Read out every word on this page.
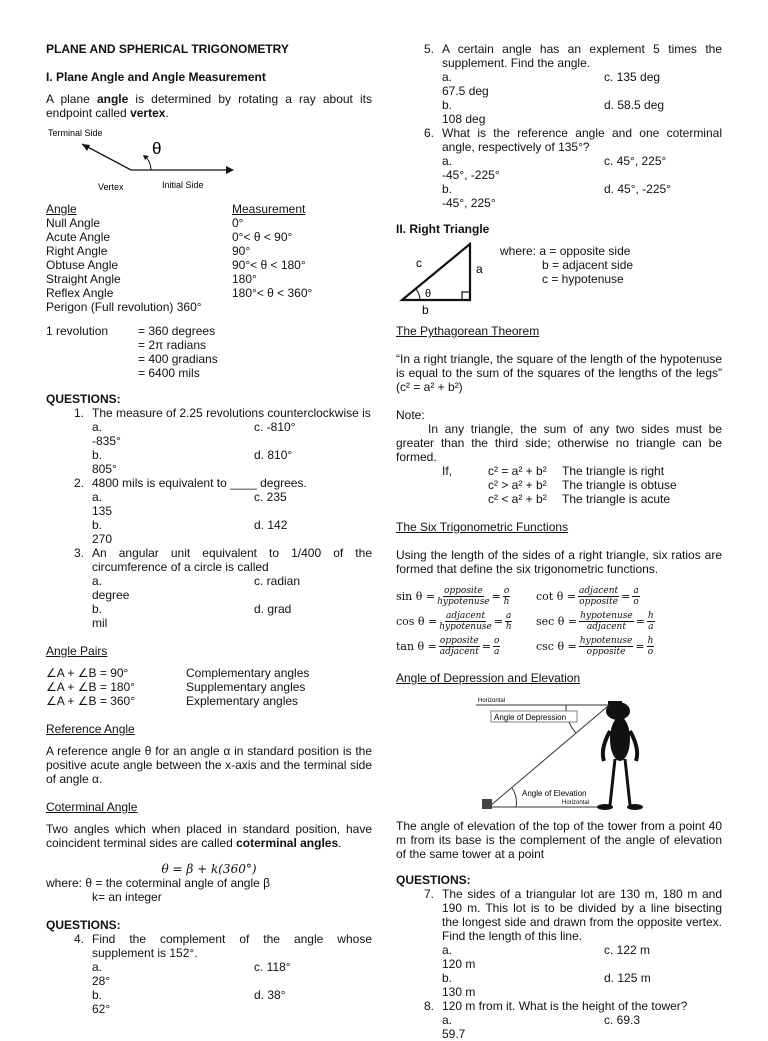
PLANE AND SPHERICAL TRIGONOMETRY

I. Plane Angle and Angle Measurement

A plane angle is determined by rotating a ray about its endpoint called vertex.

Terminal Side
θ
Vertex	Initial Side
Angle	Measurement
Null Angle	0°
Acute Angle	0°< θ < 90°
Right Angle	90°
Obtuse Angle	90°< θ < 180°
Straight Angle	180°
Reflex Angle	180°< θ < 360°

Perigon (Full revolution) 360°

1 revolution	= 360 degrees

= 2π radians

= 400 gradians

= 6400 mils

QUESTIONS:

1. The measure of 2.25 revolutions counterclockwise is
a.
-835°
c. -810°
b.
805°
d. 810°
2. 4800 mils is equivalent to ____ degrees.
a.
135
c. 235
b.
270
d. 142
3. An angular unit equivalent to 1/400 of the circumference of a circle is called
a.
degree
c. radian
b.
mil
d. grad

Angle Pairs

∠A + ∠B = 90°	Complementary angles
∠A + ∠B = 180°	Supplementary angles
∠A + ∠B = 360°	Explementary angles

Reference Angle

A reference angle θ for an angle α in standard position is the positive acute angle between the x-axis and the terminal side of angle α.

Coterminal Angle

Two angles which when placed in standard position, have coincident terminal sides are called coterminal angles.

θ = β + k(360°)

where: θ = the coterminal angle of angle β

k= an integer

QUESTIONS:

4. Find the complement of the angle whose supplement is 152°.
a.
28°
c. 118°
b.
62°
d. 38°
5. A certain angle has an explement 5 times the supplement. Find the angle.
a.
67.5 deg
c. 135 deg
b.
108 deg
d. 58.5 deg
6. What is the reference angle and one coterminal angle, respectively of 135°?
a.
-45°, -225°
c. 45°, 225°
b.
-45°, 225°
d. 45°, -225°

II. Right Triangle

c	a
θ
b

where: a = opposite side

b = adjacent side

c = hypotenuse

The Pythagorean Theorem

“In a right triangle, the square of the length of the hypotenuse is equal to the sum of the squares of the lengths of the legs” (c² = a² + b²)

Note:

In any triangle, the sum of any two sides must be greater than the third side; otherwise no triangle can be formed.

If,	c² = a² + b²	The triangle is right
c² > a² + b²	The triangle is obtuse
c² < a² + b²	The triangle is acute

The Six Trigonometric Functions

Using the length of the sides of a right triangle, six ratios are formed that define the six trigonometric functions.

$\sin \theta = \frac{\text{opposite}}{\text{hypotenuse}} = \frac{o}{h}$ $\cot \theta = \frac{\text{adjacent}}{\text{opposite}} = \frac{a}{o}$
$\cos \theta = \frac{\text{adjacent}}{\text{hypotenuse}} = \frac{a}{h}$ $\sec \theta = \frac{\text{hypotenuse}}{\text{adjacent}} = \frac{h}{a}$
$\tan \theta = \frac{\text{opposite}}{\text{adjacent}} = \frac{o}{a}$	$\csc \theta = \frac{\text{hypotenuse}}{\text{opposite}} = \frac{h}{o}$

Angle of Depression and Elevation

Horizontal
Horizontal
Angle of Depression
Angle of Elevation

The angle of elevation of the top of the tower from a point 40 m from its base is the complement of the angle of elevation of the same tower at a point

QUESTIONS:

7. The sides of a triangular lot are 130 m, 180 m and 190 m. This lot is to be divided by a line bisecting the longest side and drawn from the opposite vertex. Find the length of this line.
a.
120 m
c. 122 m
b.
130 m
d. 125 m
8. 120 m from it. What is the height of the tower?
a.
59.7
c. 69.3
